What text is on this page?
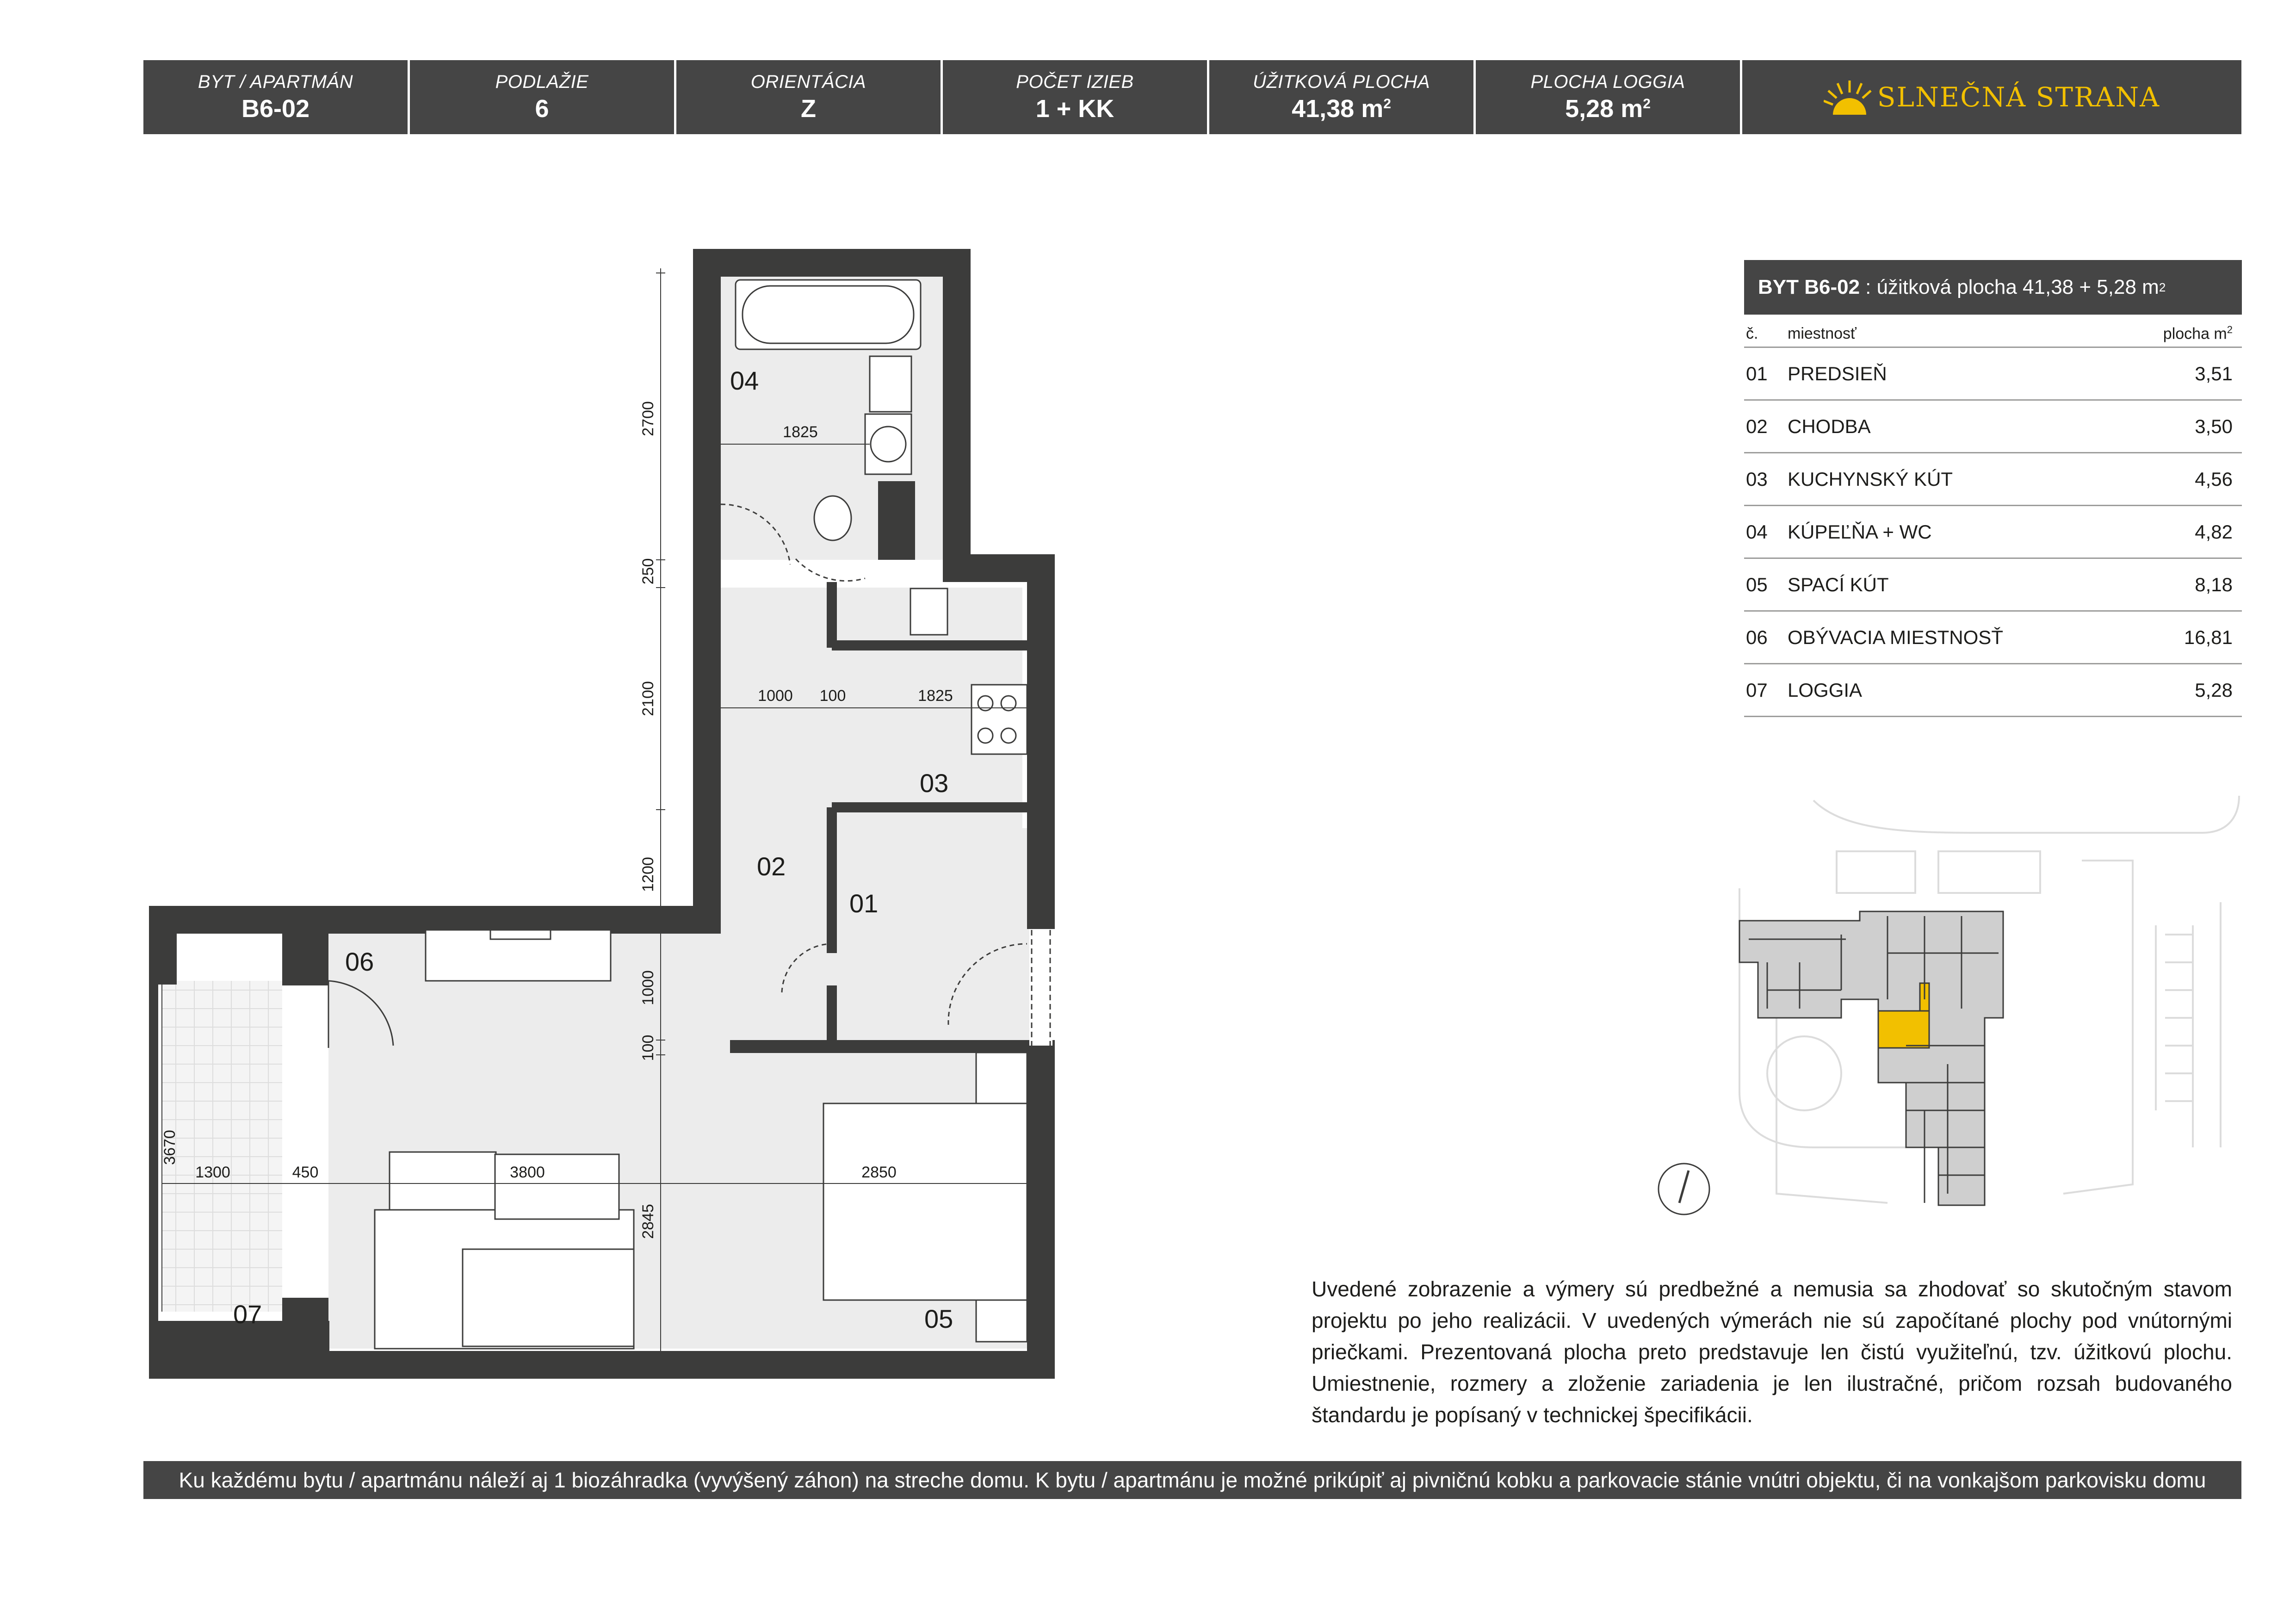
BYT / APARTMÁN
B6-02
PODLAŽIE
6
ORIENTÁCIA
Z
POČET IZIEB
1 + KK
ÚŽITKOVÁ PLOCHA
41,38 $m^2$
PLOCHA LOGGIA
5,28 $m^2$	SLNEČNÁ STRANA
1825
1825
1000 100
3800	2850
1300	450
3670
2700
250
2100
1200
1000
100
2845
04
03
02
01
06
07	05
BYT B6-02 : úžitková plocha 41,38 + 5,28 m 2
č.	miestnosť	plocha $m^2$
01	PREDSIEŇ	3,51
02	CHODBA	3,50
03	KUCHYNSKÝ KÚT	4,56
04	KÚPEĽŇA + WC	4,82
05	SPACÍ KÚT	8,18
06	OBÝVACIA MIESTNOSŤ	16,81
07	LOGGIA	5,28
Uvedené zobrazenie a výmery sú predbežné a nemusia sa zhodovať so skutočným stavom projektu po jeho realizácii. V uvedených výmerách nie sú započítané plochy pod vnútornými priečkami. Prezentovaná plocha preto predstavuje len čistú využiteľnú, tzv. úžitkovú plochu. Umiestnenie, rozmery a zloženie zariadenia je len ilustračné, pričom rozsah budovaného štandardu je popísaný v technickej špecifikácii.
Ku každému bytu / apartmánu náleží aj 1 biozáhradka (vyvýšený záhon) na streche domu. K bytu / apartmánu je možné prikúpiť aj pivničnú kobku a parkovacie stánie vnútri objektu, či na vonkajšom parkovisku domu
